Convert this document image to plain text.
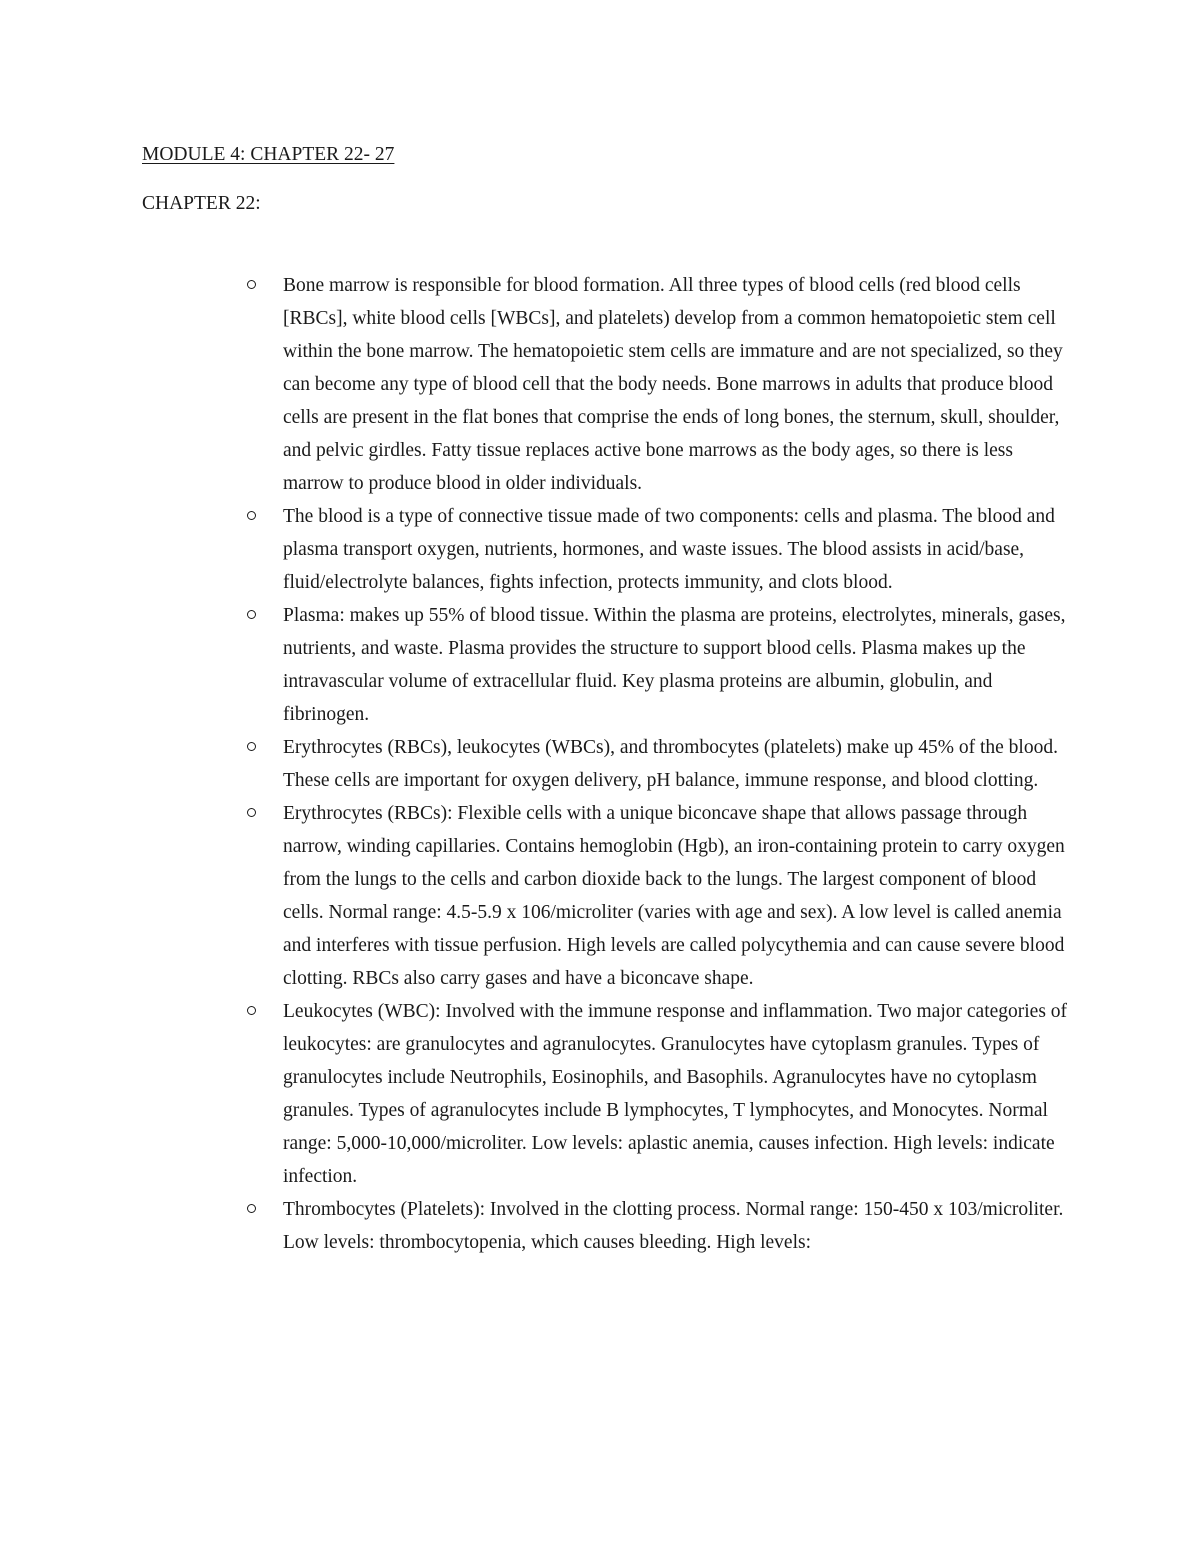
MODULE 4: CHAPTER 22- 27
CHAPTER 22:
Bone marrow is responsible for blood formation. All three types of blood cells (red blood cells [RBCs], white blood cells [WBCs], and platelets) develop from a common hematopoietic stem cell within the bone marrow. The hematopoietic stem cells are immature and are not specialized, so they can become any type of blood cell that the body needs. Bone marrows in adults that produce blood cells are present in the flat bones that comprise the ends of long bones, the sternum, skull, shoulder, and pelvic girdles. Fatty tissue replaces active bone marrows as the body ages, so there is less marrow to produce blood in older individuals.
The blood is a type of connective tissue made of two components: cells and plasma. The blood and plasma transport oxygen, nutrients, hormones, and waste issues. The blood assists in acid/base, fluid/electrolyte balances, fights infection, protects immunity, and clots blood.
Plasma: makes up 55% of blood tissue. Within the plasma are proteins, electrolytes, minerals, gases, nutrients, and waste. Plasma provides the structure to support blood cells. Plasma makes up the intravascular volume of extracellular fluid. Key plasma proteins are albumin, globulin, and fibrinogen.
Erythrocytes (RBCs), leukocytes (WBCs), and thrombocytes (platelets) make up 45% of the blood. These cells are important for oxygen delivery, pH balance, immune response, and blood clotting.
Erythrocytes (RBCs): Flexible cells with a unique biconcave shape that allows passage through narrow, winding capillaries. Contains hemoglobin (Hgb), an iron-containing protein to carry oxygen from the lungs to the cells and carbon dioxide back to the lungs. The largest component of blood cells. Normal range: 4.5-5.9 x 106/microliter (varies with age and sex). A low level is called anemia and interferes with tissue perfusion. High levels are called polycythemia and can cause severe blood clotting. RBCs also carry gases and have a biconcave shape.
Leukocytes (WBC): Involved with the immune response and inflammation. Two major categories of leukocytes: are granulocytes and agranulocytes. Granulocytes have cytoplasm granules. Types of granulocytes include Neutrophils, Eosinophils, and Basophils. Agranulocytes have no cytoplasm granules. Types of agranulocytes include B lymphocytes, T lymphocytes, and Monocytes. Normal range: 5,000-10,000/microliter. Low levels: aplastic anemia, causes infection. High levels: indicate infection.
Thrombocytes (Platelets): Involved in the clotting process. Normal range: 150-450 x 103/microliter. Low levels: thrombocytopenia, which causes bleeding. High levels:
